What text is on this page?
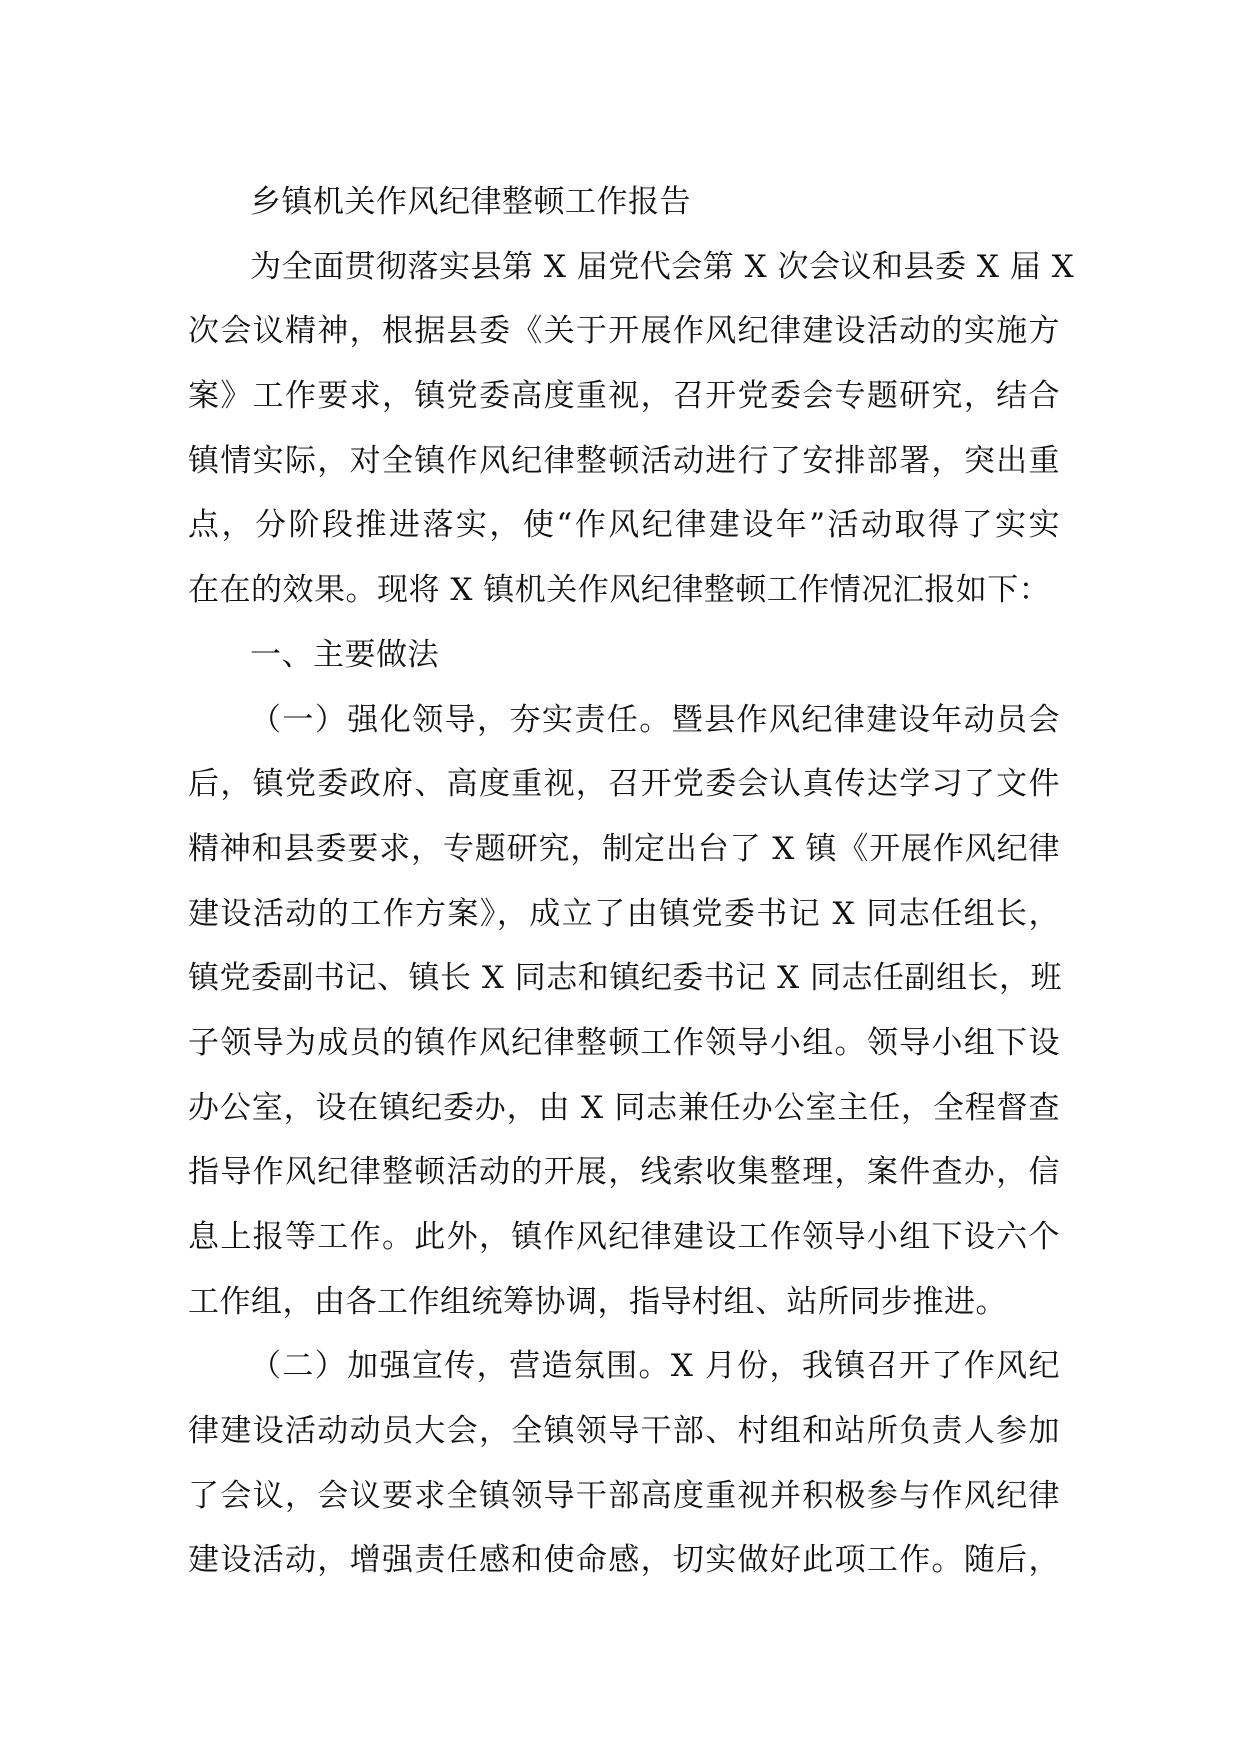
乡镇机关作风纪律整顿工作报告
为全面贯彻落实县第 X 届党代会第 X 次会议和县委 X 届 X
次会议精神，根据县委《关于开展作风纪律建设活动的实施方
案》工作要求，镇党委高度重视，召开党委会专题研究，结合
镇情实际，对全镇作风纪律整顿活动进行了安排部署，突出重
点，分阶段推进落实，使“作风纪律建设年”活动取得了实实
在在的效果。现将 X 镇机关作风纪律整顿工作情况汇报如下：
一、主要做法
（一）强化领导，夯实责任。暨县作风纪律建设年动员会
后，镇党委政府、高度重视，召开党委会认真传达学习了文件
精神和县委要求，专题研究，制定出台了 X 镇《开展作风纪律
建设活动的工作方案》，成立了由镇党委书记 X 同志任组长，
镇党委副书记、镇长 X 同志和镇纪委书记 X 同志任副组长，班
子领导为成员的镇作风纪律整顿工作领导小组。领导小组下设
办公室，设在镇纪委办，由 X 同志兼任办公室主任，全程督查
指导作风纪律整顿活动的开展，线索收集整理，案件查办，信
息上报等工作。此外，镇作风纪律建设工作领导小组下设六个
工作组，由各工作组统筹协调，指导村组、站所同步推进。
（二）加强宣传，营造氛围。X 月份，我镇召开了作风纪
律建设活动动员大会，全镇领导干部、村组和站所负责人参加
了会议，会议要求全镇领导干部高度重视并积极参与作风纪律
建设活动，增强责任感和使命感，切实做好此项工作。随后，
